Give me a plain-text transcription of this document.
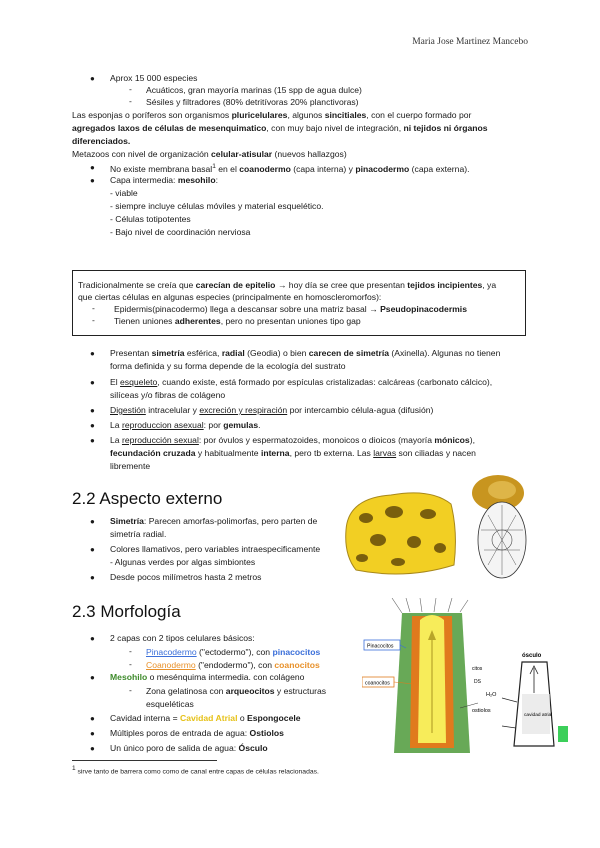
Maria Jose Martinez Mancebo
● Aprox 15 000 especies
- Acuáticos, gran mayoría marinas (15 spp de agua dulce)
- Sésiles y filtradores (80% detritívoras 20% planctivoras)
Las esponjas o poríferos son organismos pluricelulares, algunos sincitiales, con el cuerpo formado por
agregados laxos de células de mesenquimatico, con muy bajo nivel de integración, ni tejidos ni órganos
diferenciados.
Metazoos con nivel de organización celular-atisular (nuevos hallazgos)
● No existe membrana basal$^1$ en el coanodermo (capa interna) y pinacodermo (capa externa).
● Capa intermedia: mesohilo:
- viable
- siempre incluye células móviles y material esquelético.
- Células totipotentes
- Bajo nivel de coordinación nerviosa
Tradicionalmente se creía que carecían de epitelio → hoy día se cree que presentan tejidos incipientes, ya
que ciertas células en algunas especies (principalmente en homoscleromorfos):
- Epidermis(pinacodermo) llega a descansar sobre una matriz basal → Pseudopinacodermis
- Tienen uniones adherentes, pero no presentan uniones tipo gap
● Presentan simetría esférica, radial (Geodia) o bien carecen de simetría (Axinella). Algunas no tienen
forma definida y su forma depende de la ecología del sustrato
● El esqueleto, cuando existe, está formado por espículas cristalizadas: calcáreas (carbonato cálcico),
silíceas y/o fibras de colágeno
● Digestión intracelular y excreción y respiración por intercambio célula-agua (difusión)
● La reproduccion asexual: por gemulas.
● La reproducción sexual: por óvulos y espermatozoides, monoicos o dioicos (mayoría mónicos),
fecundación cruzada y habitualmente interna, pero tb externa. Las larvas son ciliadas y nacen
libremente
2.2 Aspecto externo
● Simetría: Parecen amorfas-polimorfas, pero parten de
simetría radial.
● Colores llamativos, pero variables intraespecificamente
- Algunas verdes por algas simbiontes
● Desde pocos milímetros hasta 2 metros
2.3 Morfología
● 2 capas con 2 tipos celulares básicos:
- Pinacodermo ("ectodermo"), con pinacocitos
- Coanodermo ("endodermo"), con coanocitos
● Mesohilo o mesénquima intermedia. con colágeno
- Zona gelatinosa con arqueocitos y estructuras
esqueléticas
● Cavidad interna = Cavidad Atrial o Espongocele
● Múltiples poros de entrada de agua: Ostiolos
● Un único poro de salida de agua: Ósculo
Pinacocitos
coanocitos
citos
DS
H₂O
ostiolos
ósculo
cavidad atrial
$^1$ sirve tanto de barrera como como de canal entre capas de células relacionadas.
